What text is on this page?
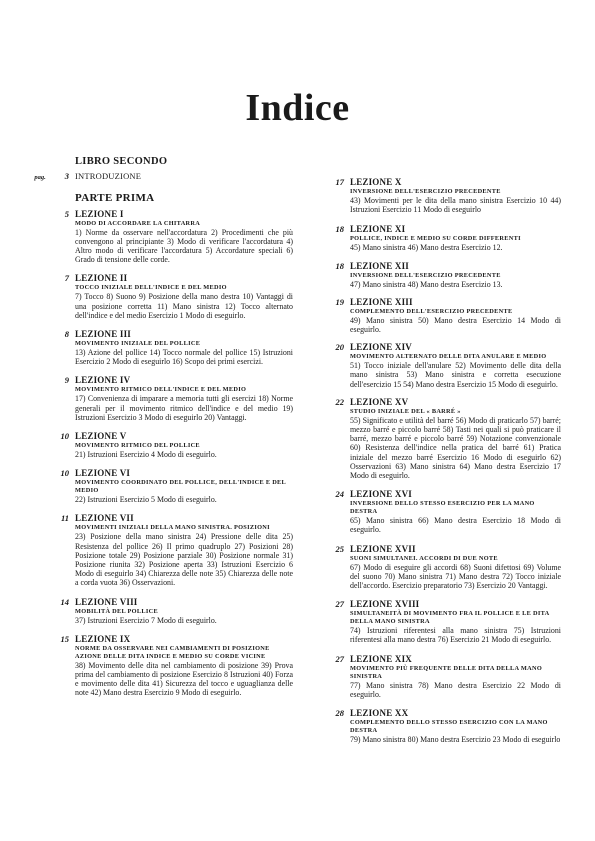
Indice
LIBRO SECONDO
pag. 3 INTRODUZIONE
PARTE PRIMA
5 LEZIONE I
MODO DI ACCORDARE LA CHITARRA
1) Norme da osservare nell'accordatura 2) Procedimenti che più convengono al principiante 3) Modo di verificare l'accordatura 4) Altro modo di verificare l'accordatura 5) Accordature speciali 6) Grado di tensione delle corde.
7 LEZIONE II
TOCCO INIZIALE DELL'INDICE E DEL MEDIO
7) Tocco 8) Suono 9) Posizione della mano destra 10) Vantaggi di una posizione corretta 11) Mano sinistra 12) Tocco alternato dell'indice e del medio Esercizio 1 Modo di eseguirlo.
8 LEZIONE III
MOVIMENTO INIZIALE DEL POLLICE
13) Azione del pollice 14) Tocco normale del pollice 15) Istruzioni Esercizio 2 Modo di eseguirlo 16) Scopo dei primi esercizi.
9 LEZIONE IV
MOVIMENTO RITMICO DELL'INDICE E DEL MEDIO
17) Convenienza di imparare a memoria tutti gli esercizi 18) Norme generali per il movimento ritmico dell'indice e del medio 19) Istruzioni Esercizio 3 Modo di eseguirlo 20) Vantaggi.
10 LEZIONE V
MOVIMENTO RITMICO DEL POLLICE
21) Istruzioni Esercizio 4 Modo di eseguirlo.
10 LEZIONE VI
MOVIMENTO COORDINATO DEL POLLICE, DELL'INDICE E DEL MEDIO
22) Istruzioni Esercizio 5 Modo di eseguirlo.
11 LEZIONE VII
MOVIMENTI INIZIALI DELLA MANO SINISTRA. POSIZIONI
23) Posizione della mano sinistra 24) Pressione delle dita 25) Resistenza del pollice 26) Il primo quadruplo 27) Posizioni 28) Posizione totale 29) Posizione parziale 30) Posizione normale 31) Posizione riunita 32) Posizione aperta 33) Istruzioni Esercizio 6 Modo di eseguirlo 34) Chiarezza delle note 35) Chiarezza delle note a corda vuota 36) Osservazioni.
14 LEZIONE VIII
MOBILITÀ DEL POLLICE
37) Istruzioni Esercizio 7 Modo di eseguirlo.
15 LEZIONE IX
NORME DA OSSERVARE NEI CAMBIAMENTI DI POSIZIONE AZIONE DELLE DITA INDICE E MEDIO SU CORDE VICINE
38) Movimento delle dita nel cambiamento di posizione 39) Prova prima del cambiamento di posizione Esercizio 8 Istruzioni 40) Forza e movimento delle dita 41) Sicurezza del tocco e uguaglianza delle note 42) Mano destra Esercizio 9 Modo di eseguirlo.
17 LEZIONE X
INVERSIONE DELL'ESERCIZIO PRECEDENTE
43) Movimenti per le dita della mano sinistra Esercizio 10 44) Istruzioni Esercizio 11 Modo di eseguirlo
18 LEZIONE XI
POLLICE, INDICE E MEDIO SU CORDE DIFFERENTI
45) Mano sinistra 46) Mano destra Esercizio 12.
18 LEZIONE XII
INVERSIONE DELL'ESERCIZIO PRECEDENTE
47) Mano sinistra 48) Mano destra Esercizio 13.
19 LEZIONE XIII
COMPLEMENTO DELL'ESERCIZIO PRECEDENTE
49) Mano sinistra 50) Mano destra Esercizio 14 Modo di eseguirlo.
20 LEZIONE XIV
MOVIMENTO ALTERNATO DELLE DITA ANULARE E MEDIO
51) Tocco iniziale dell'anulare 52) Movimento delle dita della mano sinistra 53) Mano sinistra e corretta esecuzione dell'esercizio 15 54) Mano destra Esercizio 15 Modo di eseguirlo.
22 LEZIONE XV
STUDIO INIZIALE DEL « BARRÉ »
55) Significato e utilità del barré 56) Modo di praticarlo 57) barré; mezzo barré e piccolo barré 58) Tasti nei quali si può praticare il barré, mezzo barré e piccolo barré 59) Notazione convenzionale 60) Resistenza dell'indice nella pratica del barré 61) Pratica iniziale del mezzo barré Esercizio 16 Modo di eseguirlo 62) Osservazioni 63) Mano sinistra 64) Mano destra Esercizio 17 Modo di eseguirlo.
24 LEZIONE XVI
INVERSIONE DELLO STESSO ESERCIZIO PER LA MANO DESTRA
65) Mano sinistra 66) Mano destra Esercizio 18 Modo di eseguirlo.
25 LEZIONE XVII
SUONI SIMULTANEI. ACCORDI DI DUE NOTE
67) Modo di eseguire gli accordi 68) Suoni difettosi 69) Volume del suono 70) Mano sinistra 71) Mano destra 72) Tocco iniziale dell'accordo. Esercizio preparatorio 73) Esercizio 20 Vantaggi.
27 LEZIONE XVIII
SIMULTANEITÀ DI MOVIMENTO FRA IL POLLICE E LE DITA DELLA MANO SINISTRA
74) Istruzioni riferentesi alla mano sinistra 75) Istruzioni riferentesi alla mano destra 76) Esercizio 21 Modo di eseguirlo.
27 LEZIONE XIX
MOVIMENTO PIÙ FREQUENTE DELLE DITA DELLA MANO SINISTRA
77) Mano sinistra 78) Mano destra Esercizio 22 Modo di eseguirlo.
28 LEZIONE XX
COMPLEMENTO DELLO STESSO ESERCIZIO CON LA MANO DESTRA
79) Mano sinistra 80) Mano destra Esercizio 23 Modo di eseguirlo
